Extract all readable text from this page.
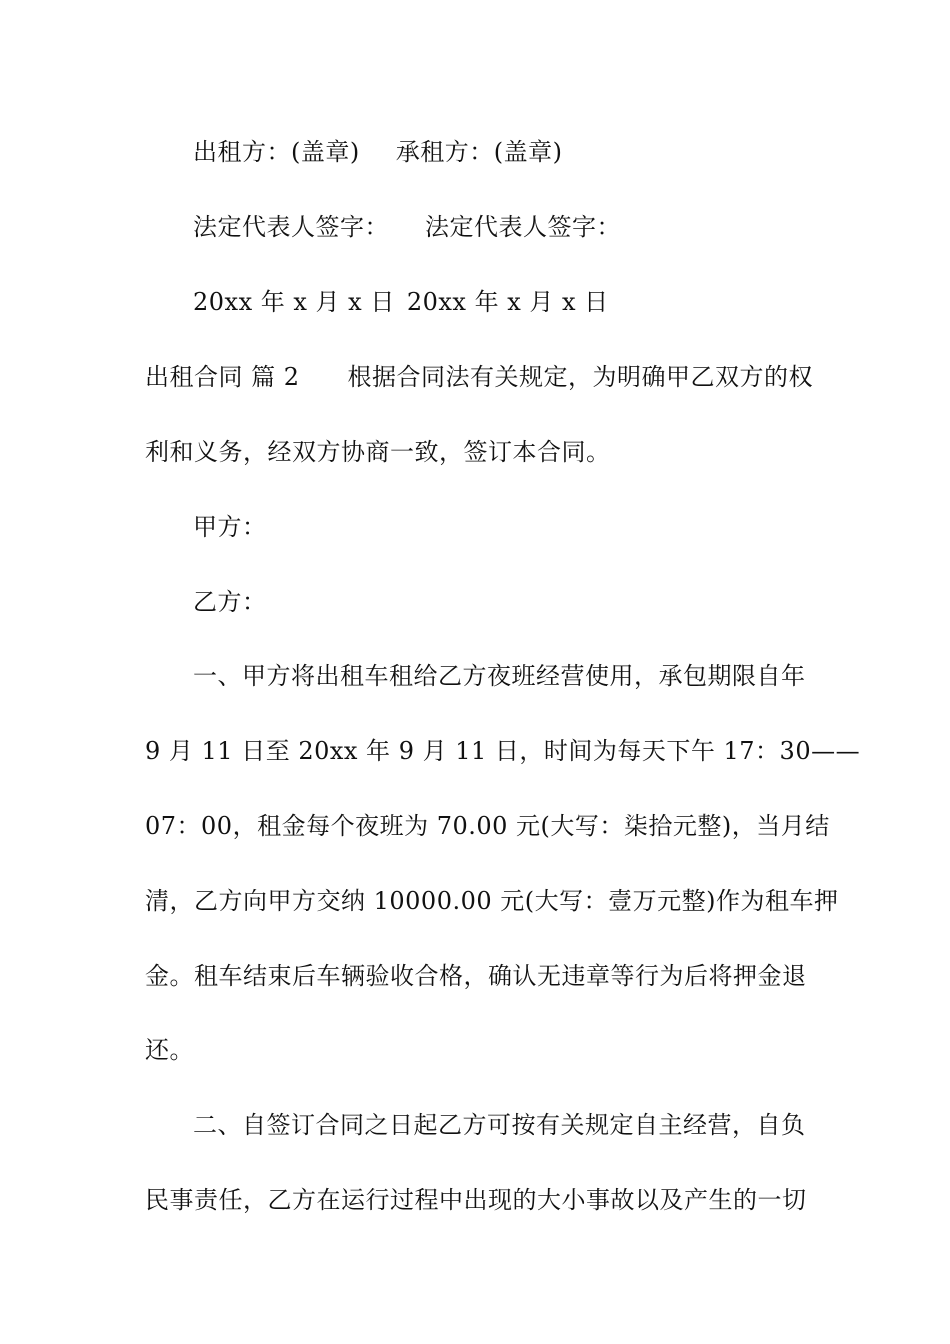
出租方：(盖章) 承租方：(盖章)
法定代表人签字： 法定代表人签字：
20xx 年 x 月 x 日 20xx 年 x 月 x 日
出租合同 篇 2 根据合同法有关规定，为明确甲乙双方的权
利和义务，经双方协商一致，签订本合同。
甲方：
乙方：
一、甲方将出租车租给乙方夜班经营使用，承包期限自年
9 月 11 日至 20xx 年 9 月 11 日，时间为每天下午 17：30——
07：00，租金每个夜班为 70.00 元(大写：柒拾元整)，当月结
清，乙方向甲方交纳 10000.00 元(大写：壹万元整)作为租车押
金。租车结束后车辆验收合格，确认无违章等行为后将押金退
还。
二、自签订合同之日起乙方可按有关规定自主经营，自负
民事责任，乙方在运行过程中出现的大小事故以及产生的一切
